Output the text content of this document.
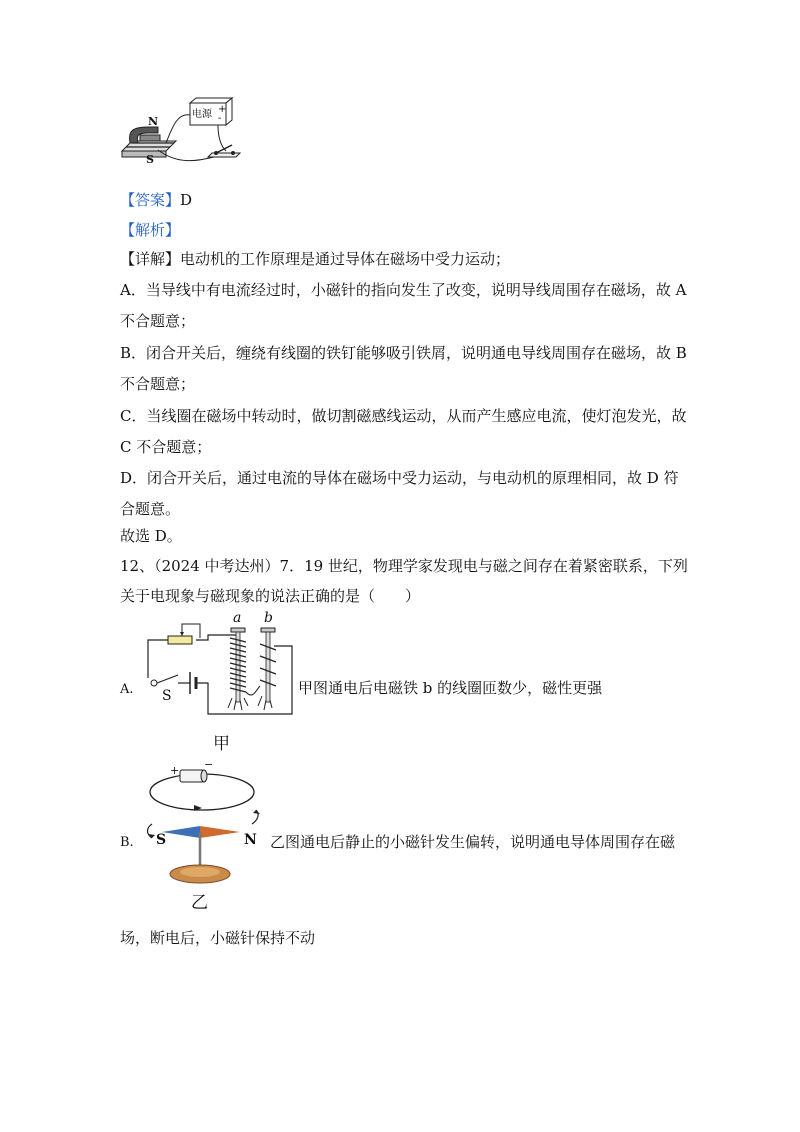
电源 +
-
N
S
【答案】D
【解析】
【详解】电动机的工作原理是通过导体在磁场中受力运动；
A．当导线中有电流经过时，小磁针的指向发生了改变，说明导线周围存在磁场，故 A
不合题意；
B．闭合开关后，缠绕有线圈的铁钉能够吸引铁屑，说明通电导线周围存在磁场，故 B
不合题意；
C．当线圈在磁场中转动时，做切割磁感线运动，从而产生感应电流，使灯泡发光，故
C 不合题意；
D．闭合开关后，通过电流的导体在磁场中受力运动，与电动机的原理相同，故 D 符
合题意。
故选 D。
12、（2024 中考达州）7．19 世纪，物理学家发现电与磁之间存在着紧密联系，下列
关于电现象与磁现象的说法正确的是（　　）
A.
a b
S	甲图通电后电磁铁 b 的线圈匝数少，磁性更强
甲
B.
+ −
S	N 乙图通电后静止的小磁针发生偏转，说明通电导体周围存在磁
乙
场，断电后，小磁针保持不动
